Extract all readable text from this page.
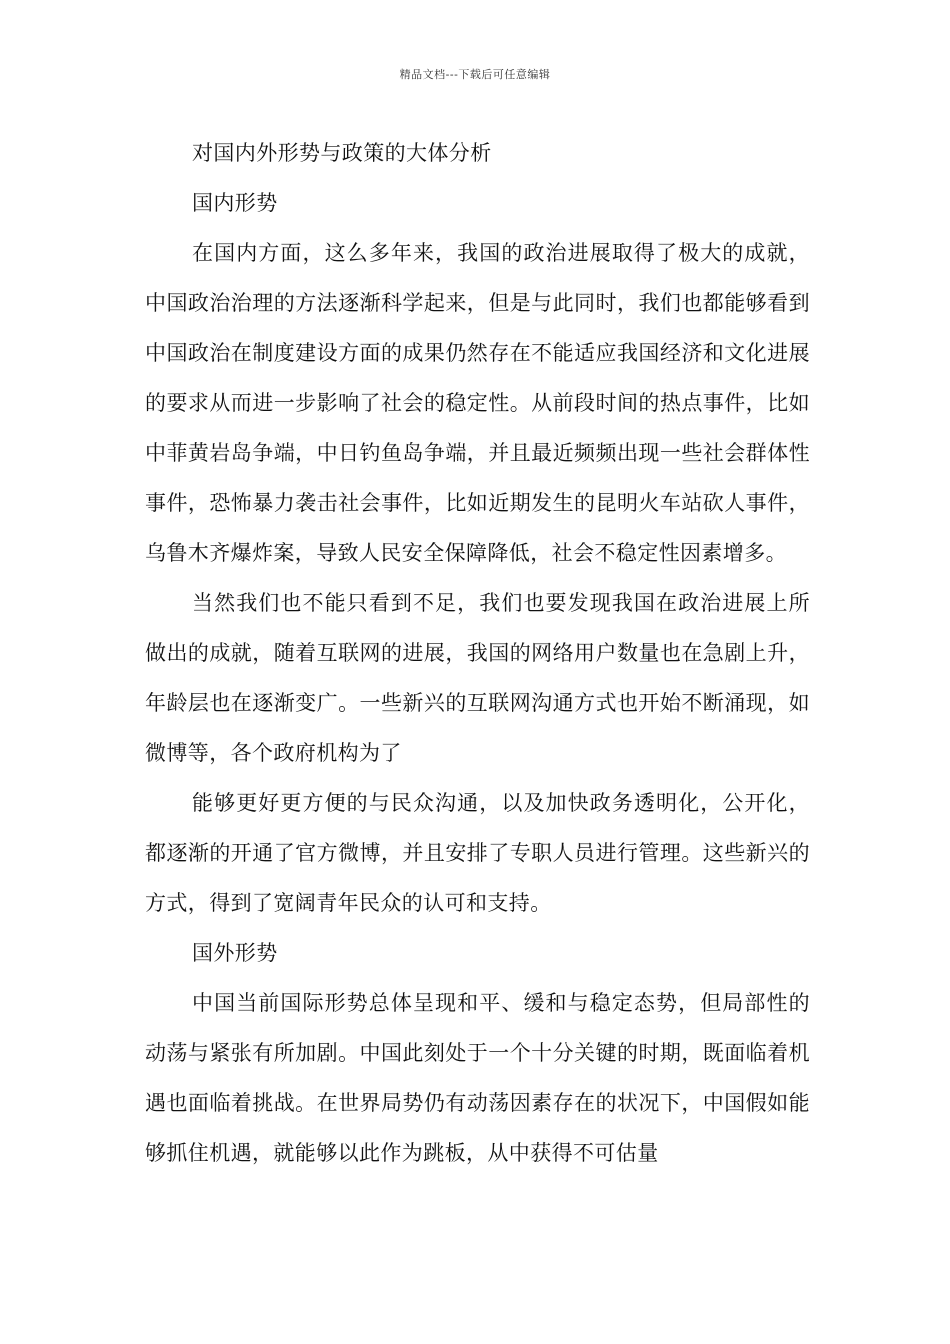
精品文档---下载后可任意编辑

对国内外形势与政策的大体分析

国内形势

在国内方面，这么多年来，我国的政治进展取得了极大的成就，中国政治治理的方法逐渐科学起来，但是与此同时，我们也都能够看到中国政治在制度建设方面的成果仍然存在不能适应我国经济和文化进展的要求从而进一步影响了社会的稳定性。从前段时间的热点事件，比如中菲黄岩岛争端，中日钓鱼岛争端，并且最近频频出现一些社会群体性事件，恐怖暴力袭击社会事件，比如近期发生的昆明火车站砍人事件，乌鲁木齐爆炸案，导致人民安全保障降低，社会不稳定性因素增多。

当然我们也不能只看到不足，我们也要发现我国在政治进展上所做出的成就，随着互联网的进展，我国的网络用户数量也在急剧上升，年龄层也在逐渐变广。一些新兴的互联网沟通方式也开始不断涌现，如微博等，各个政府机构为了

能够更好更方便的与民众沟通，以及加快政务透明化，公开化，都逐渐的开通了官方微博，并且安排了专职人员进行管理。这些新兴的方式，得到了宽阔青年民众的认可和支持。

国外形势

中国当前国际形势总体呈现和平、缓和与稳定态势，但局部性的动荡与紧张有所加剧。中国此刻处于一个十分关键的时期，既面临着机遇也面临着挑战。在世界局势仍有动荡因素存在的状况下，中国假如能够抓住机遇，就能够以此作为跳板，从中获得不可估量
